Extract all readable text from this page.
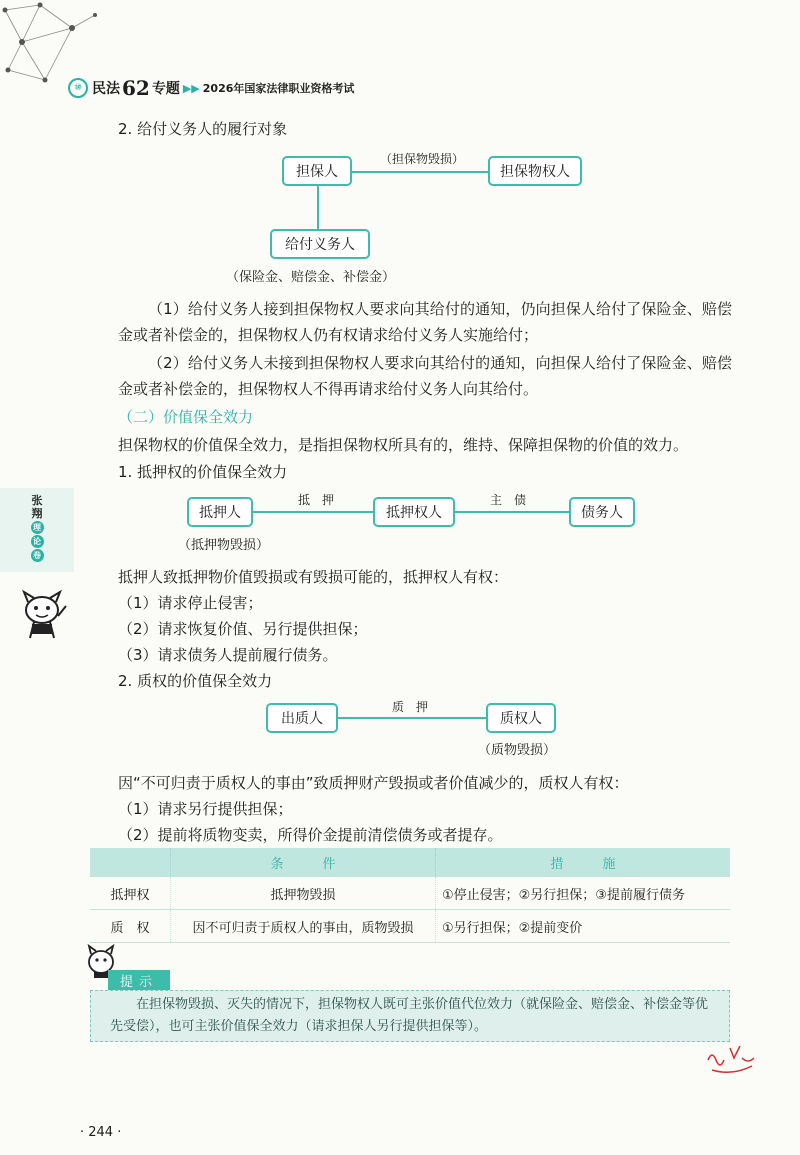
⑩ 民法 62 专题 ▶▶ 2026年国家法律职业资格考试
2. 给付义务人的履行对象
担保人	担保物权人
（担保物毁损）
给付义务人
（保险金、赔偿金、补偿金）
（1）给付义务人接到担保物权人要求向其给付的通知，仍向担保人给付了保险金、赔偿金或者补偿金的，担保物权人仍有权请求给付义务人实施给付；
（2）给付义务人未接到担保物权人要求向其给付的通知，向担保人给付了保险金、赔偿金或者补偿金的，担保物权人不得再请求给付义务人向其给付。
（二）价值保全效力
担保物权的价值保全效力，是指担保物权所具有的，维持、保障担保物的价值的效力。
1. 抵押权的价值保全效力
抵押人	抵押权人	债务人
抵　押	主　债
（抵押物毁损）
抵押人致抵押物价值毁损或有毁损可能的，抵押权人有权：
（1）请求停止侵害；
（2）请求恢复价值、另行提供担保；
（3）请求债务人提前履行债务。
2. 质权的价值保全效力
出质人	质权人
质　押
（质物毁损）
因“不可归责于质权人的事由”致质押财产毁损或者价值减少的，质权人有权：
（1）请求另行提供担保；
（2）提前将质物变卖，所得价金提前清偿债务或者提存。
	条　　　件	措　　　施
抵押权	抵押物毁损	①停止侵害；②另行担保；③提前履行债务
质　权	因不可归责于质权人的事由，质物毁损	①另行担保；②提前变价
张
翔
理
论
卷
提示
在担保物毁损、灭失的情况下，担保物权人既可主张价值代位效力（就保险金、赔偿金、补偿金等优先受偿），也可主张价值保全效力（请求担保人另行提供担保等）。
· 244 ·
